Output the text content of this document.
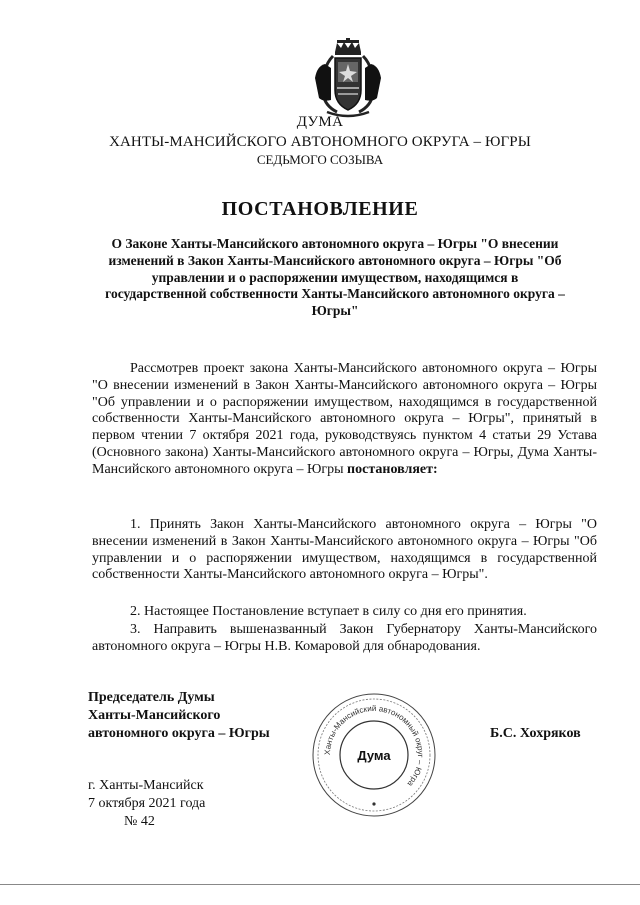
ДУМА
ХАНТЫ-МАНСИЙСКОГО АВТОНОМНОГО ОКРУГА – ЮГРЫ
СЕДЬМОГО СОЗЫВА
ПОСТАНОВЛЕНИЕ
О Законе Ханты-Мансийского автономного округа – Югры "О внесении изменений в Закон Ханты-Мансийского автономного округа – Югры "Об управлении и о распоряжении имуществом, находящимся в государственной собственности Ханты-Мансийского автономного округа – Югры"

Рассмотрев проект закона Ханты-Мансийского автономного округа – Югры "О внесении изменений в Закон Ханты-Мансийского автономного округа – Югры "Об управлении и о распоряжении имуществом, находящимся в государственной собственности Ханты-Мансийского автономного округа – Югры", принятый в первом чтении 7 октября 2021 года, руководствуясь пунктом 4 статьи 29 Устава (Основного закона) Ханты-Мансийского автономного округа – Югры, Дума Ханты-Мансийского автономного округа – Югры постановляет:

1. Принять Закон Ханты-Мансийского автономного округа – Югры "О внесении изменений в Закон Ханты-Мансийского автономного округа – Югры "Об управлении и о распоряжении имуществом, находящимся в государственной собственности Ханты-Мансийского автономного округа – Югры".

2. Настоящее Постановление вступает в силу со дня его принятия.

3. Направить вышеназванный Закон Губернатору Ханты-Мансийского автономного округа – Югры Н.В. Комаровой для обнародования.

Председатель Думы
Ханты-Мансийского
автономного округа – Югры
Ханты-Мансийский автономный округ – Югра
Дума
Б.С. Хохряков
г. Ханты-Мансийск
7 октября 2021 года
№ 42
